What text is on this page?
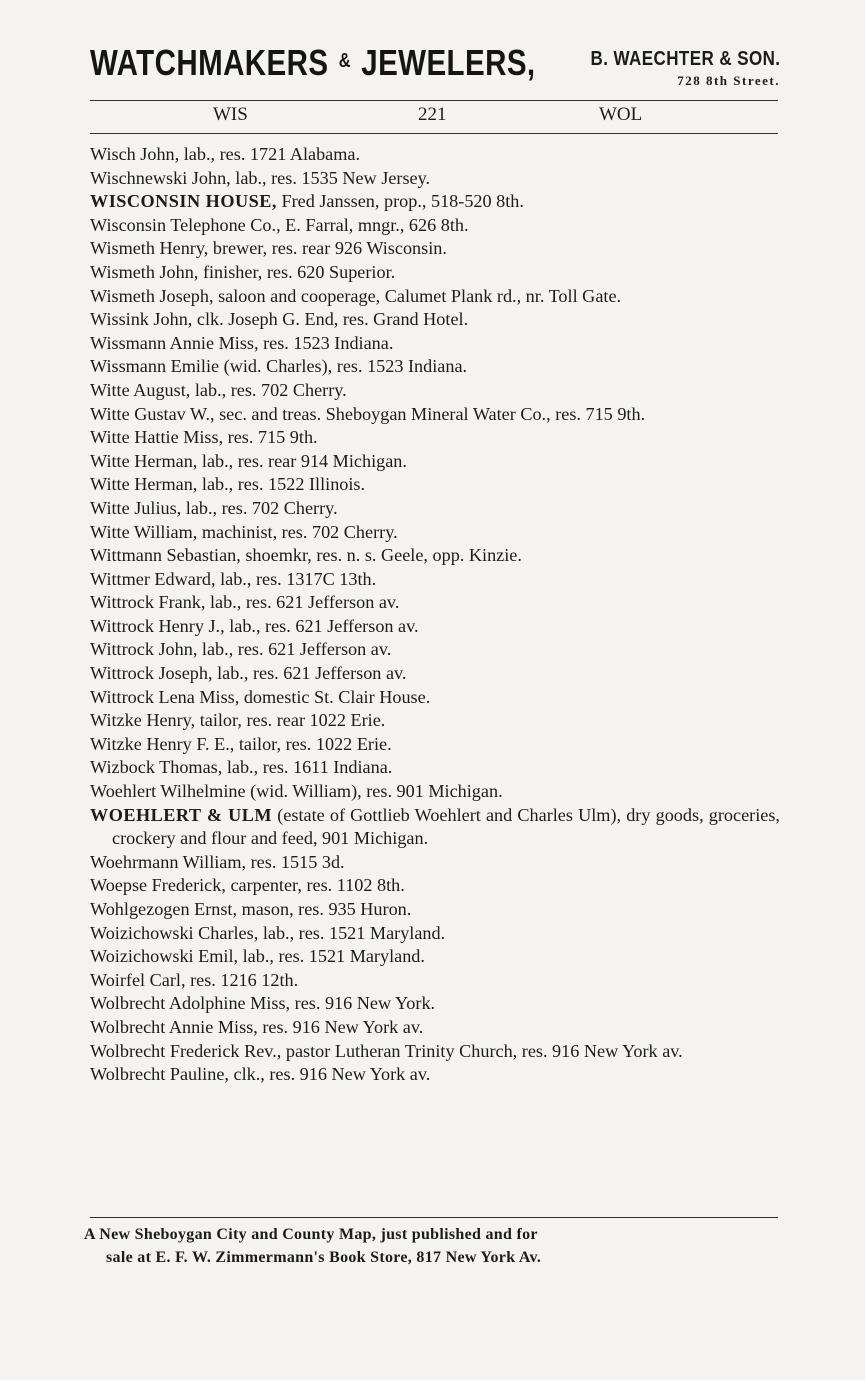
WATCHMAKERS & JEWELERS,	B. WAECHTER & SON.
728 8th Street.
WIS	221	WOL
Wisch John, lab., res. 1721 Alabama.
Wischnewski John, lab., res. 1535 New Jersey.
WISCONSIN HOUSE, Fred Janssen, prop., 518-520 8th.
Wisconsin Telephone Co., E. Farral, mngr., 626 8th.
Wismeth Henry, brewer, res. rear 926 Wisconsin.
Wismeth John, finisher, res. 620 Superior.
Wismeth Joseph, saloon and cooperage, Calumet Plank rd., nr. Toll Gate.
Wissink John, clk. Joseph G. End, res. Grand Hotel.
Wissmann Annie Miss, res. 1523 Indiana.
Wissmann Emilie (wid. Charles), res. 1523 Indiana.
Witte August, lab., res. 702 Cherry.
Witte Gustav W., sec. and treas. Sheboygan Mineral Water Co., res. 715 9th.
Witte Hattie Miss, res. 715 9th.
Witte Herman, lab., res. rear 914 Michigan.
Witte Herman, lab., res. 1522 Illinois.
Witte Julius, lab., res. 702 Cherry.
Witte William, machinist, res. 702 Cherry.
Wittmann Sebastian, shoemkr, res. n. s. Geele, opp. Kinzie.
Wittmer Edward, lab., res. 1317C 13th.
Wittrock Frank, lab., res. 621 Jefferson av.
Wittrock Henry J., lab., res. 621 Jefferson av.
Wittrock John, lab., res. 621 Jefferson av.
Wittrock Joseph, lab., res. 621 Jefferson av.
Wittrock Lena Miss, domestic St. Clair House.
Witzke Henry, tailor, res. rear 1022 Erie.
Witzke Henry F. E., tailor, res. 1022 Erie.
Wizbock Thomas, lab., res. 1611 Indiana.
Woehlert Wilhelmine (wid. William), res. 901 Michigan.
WOEHLERT & ULM (estate of Gottlieb Woehlert and Charles Ulm), dry goods, groceries, crockery and flour and feed, 901 Michigan.
Woehrmann William, res. 1515 3d.
Woepse Frederick, carpenter, res. 1102 8th.
Wohlgezogen Ernst, mason, res. 935 Huron.
Woizichowski Charles, lab., res. 1521 Maryland.
Woizichowski Emil, lab., res. 1521 Maryland.
Woirfel Carl, res. 1216 12th.
Wolbrecht Adolphine Miss, res. 916 New York.
Wolbrecht Annie Miss, res. 916 New York av.
Wolbrecht Frederick Rev., pastor Lutheran Trinity Church, res. 916 New York av.
Wolbrecht Pauline, clk., res. 916 New York av.
A New Sheboygan City and County Map, just published and for
sale at E. F. W. Zimmermann's Book Store, 817 New York Av.
